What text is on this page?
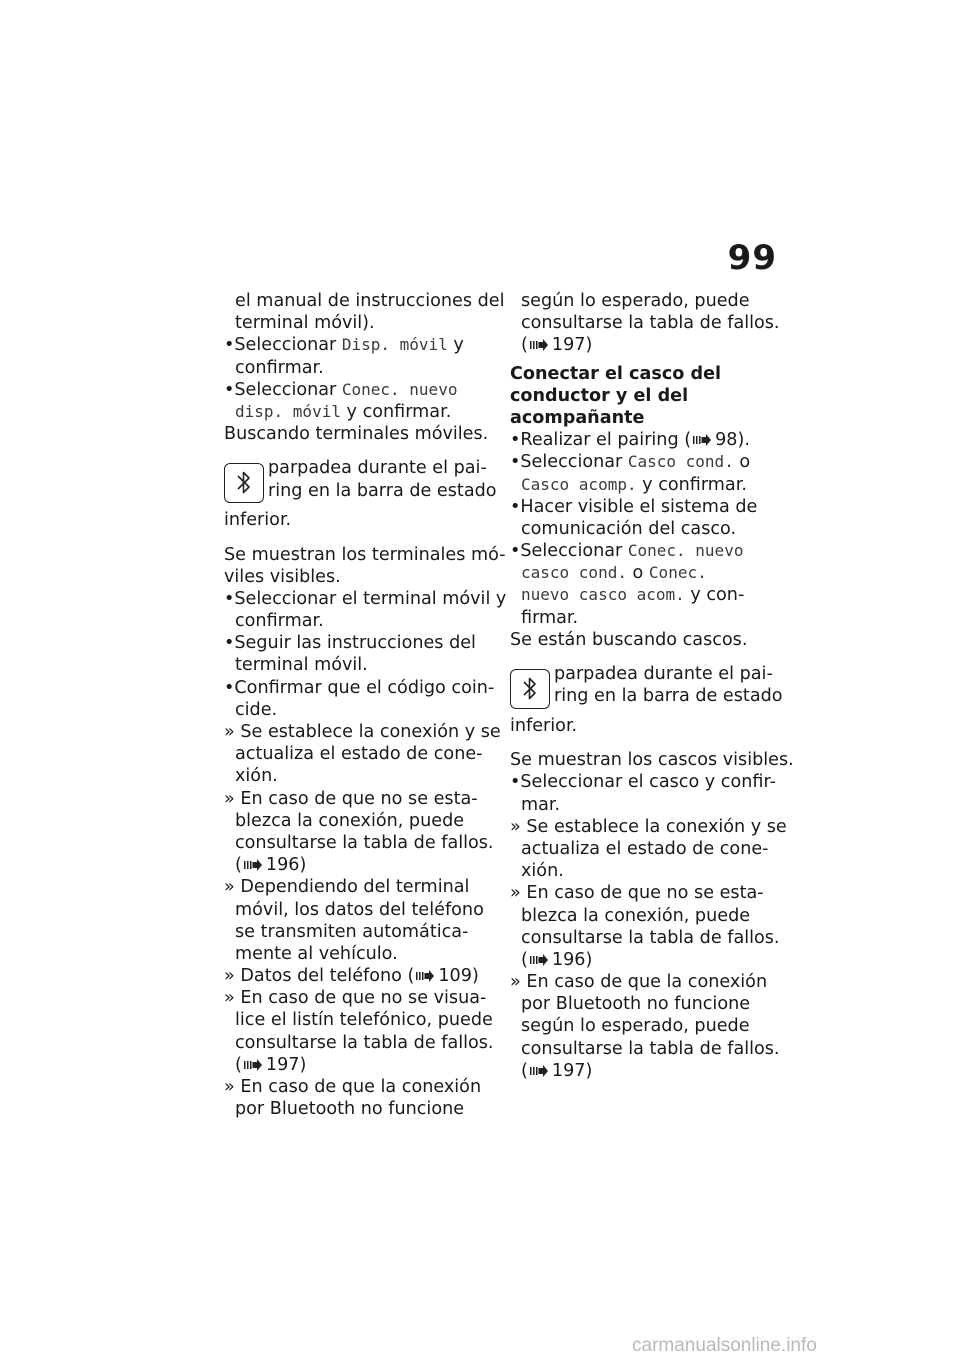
99
el manual de instrucciones del
terminal móvil).
•Seleccionar Disp. móvil y
confirmar.
•Seleccionar Conec. nuevo
disp. móvil y confirmar.
Buscando terminales móviles.
parpadea durante el pai-
ring en la barra de estado
inferior.
Se muestran los terminales mó-
viles visibles.
•Seleccionar el terminal móvil y
confirmar.
•Seguir las instrucciones del
terminal móvil.
•Confirmar que el código coin-
cide.
» Se establece la conexión y se
actualiza el estado de cone-
xión.
» En caso de que no se esta-
blezca la conexión, puede
consultarse la tabla de fallos.
( 196)
» Dependiendo del terminal
móvil, los datos del teléfono
se transmiten automática-
mente al vehículo.
» Datos del teléfono ( 109)
» En caso de que no se visua-
lice el listín telefónico, puede
consultarse la tabla de fallos.
( 197)
» En caso de que la conexión
por Bluetooth no funcione
según lo esperado, puede
consultarse la tabla de fallos.
( 197)
Conectar el casco del
conductor y el del
acompañante
•Realizar el pairing ( 98).
•Seleccionar Casco cond. o
Casco acomp. y confirmar.
•Hacer visible el sistema de
comunicación del casco.
•Seleccionar Conec. nuevo
casco cond. o Conec.
nuevo casco acom. y con-
firmar.
Se están buscando cascos.
parpadea durante el pai-
ring en la barra de estado
inferior.
Se muestran los cascos visibles.
•Seleccionar el casco y confir-
mar.
» Se establece la conexión y se
actualiza el estado de cone-
xión.
» En caso de que no se esta-
blezca la conexión, puede
consultarse la tabla de fallos.
( 196)
» En caso de que la conexión
por Bluetooth no funcione
según lo esperado, puede
consultarse la tabla de fallos.
( 197)
carmanualsonline.info
